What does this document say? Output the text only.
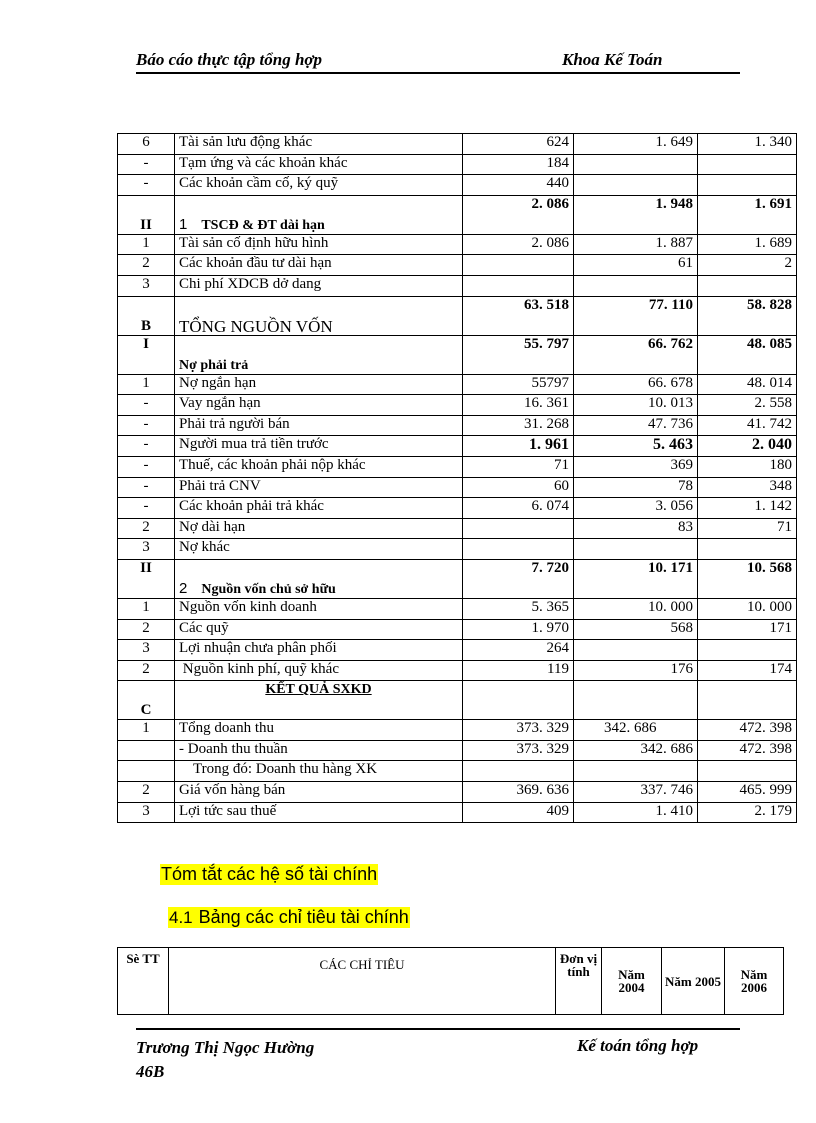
Báo cáo thực tập tổng hợp	Khoa Kế Toán
6	Tài sản lưu động khác	624	1. 649	1. 340
-	Tạm ứng và các khoản khác	184		
-	Các khoản cầm cố, ký quỹ	440		
II	1 TSCĐ & ĐT dài hạn	2. 086	1. 948	1. 691
1	Tài sản cố định hữu hình	2. 086	1. 887	1. 689
2	Các khoản đầu tư dài hạn		61	2
3	Chi phí XDCB dở dang			
B	TỔNG NGUỒN VỐN	63. 518	77. 110	58. 828
I	Nợ phải trả	55. 797	66. 762	48. 085
1	Nợ ngắn hạn	55797	66. 678	48. 014
-	Vay ngắn hạn	16. 361	10. 013	2. 558
-	Phải trả người bán	31. 268	47. 736	41. 742
-	Người mua trả tiền trước	1. 961	5. 463	2. 040
-	Thuế, các khoản phải nộp khác	71	369	180
-	Phải trả CNV	60	78	348
-	Các khoản phải trả khác	6. 074	3. 056	1. 142
2	Nợ dài hạn		83	71
3	Nợ khác			
II	2 Nguồn vốn chủ sở hữu	7. 720	10. 171	10. 568
1	Nguồn vốn kinh doanh	5. 365	10. 000	10. 000
2	Các quỹ	1. 970	568	171
3	Lợi nhuận chưa phân phối	264		
2	Nguồn kinh phí, quỹ khác	119	176	174
C	KẾT QUẢ SXKD			

1	Tổng doanh thu	373. 329	342. 686	472. 398
	- Doanh thu thuần	373. 329	342. 686	472. 398
	Trong đó: Doanh thu hàng XK			
2	Giá vốn hàng bán	369. 636	337. 746	465. 999
3	Lợi tức sau thuế	409	1. 410	2. 179
Tóm tắt các hệ số tài chính
4.1 Bảng các chỉ tiêu tài chính
Sè TT	CÁC CHỈ TIÊU	Đơn vị tính	Năm 2004	Năm 2005	Năm 2006
Trương Thị Ngọc Hường
46B
Kế toán tổng hợp
